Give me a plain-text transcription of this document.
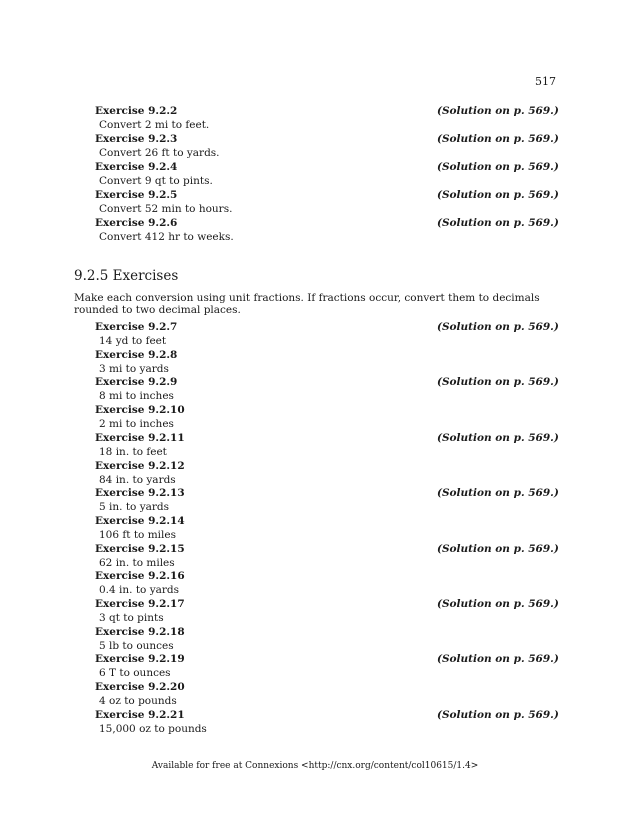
517
Exercise 9.2.2	(Solution on p. 569.)
Convert 2 mi to feet.
Exercise 9.2.3	(Solution on p. 569.)
Convert 26 ft to yards.
Exercise 9.2.4	(Solution on p. 569.)
Convert 9 qt to pints.
Exercise 9.2.5	(Solution on p. 569.)
Convert 52 min to hours.
Exercise 9.2.6	(Solution on p. 569.)
Convert 412 hr to weeks.
9.2.5 Exercises
Make each conversion using unit fractions. If fractions occur, convert them to decimals rounded to two decimal places.
Exercise 9.2.7	(Solution on p. 569.)
14 yd to feet
Exercise 9.2.8
3 mi to yards
Exercise 9.2.9	(Solution on p. 569.)
8 mi to inches
Exercise 9.2.10
2 mi to inches
Exercise 9.2.11	(Solution on p. 569.)
18 in. to feet
Exercise 9.2.12
84 in. to yards
Exercise 9.2.13	(Solution on p. 569.)
5 in. to yards
Exercise 9.2.14
106 ft to miles
Exercise 9.2.15	(Solution on p. 569.)
62 in. to miles
Exercise 9.2.16
0.4 in. to yards
Exercise 9.2.17	(Solution on p. 569.)
3 qt to pints
Exercise 9.2.18
5 lb to ounces
Exercise 9.2.19	(Solution on p. 569.)
6 T to ounces
Exercise 9.2.20
4 oz to pounds
Exercise 9.2.21	(Solution on p. 569.)
15,000 oz to pounds
Available for free at Connexions <http://cnx.org/content/col10615/1.4>
